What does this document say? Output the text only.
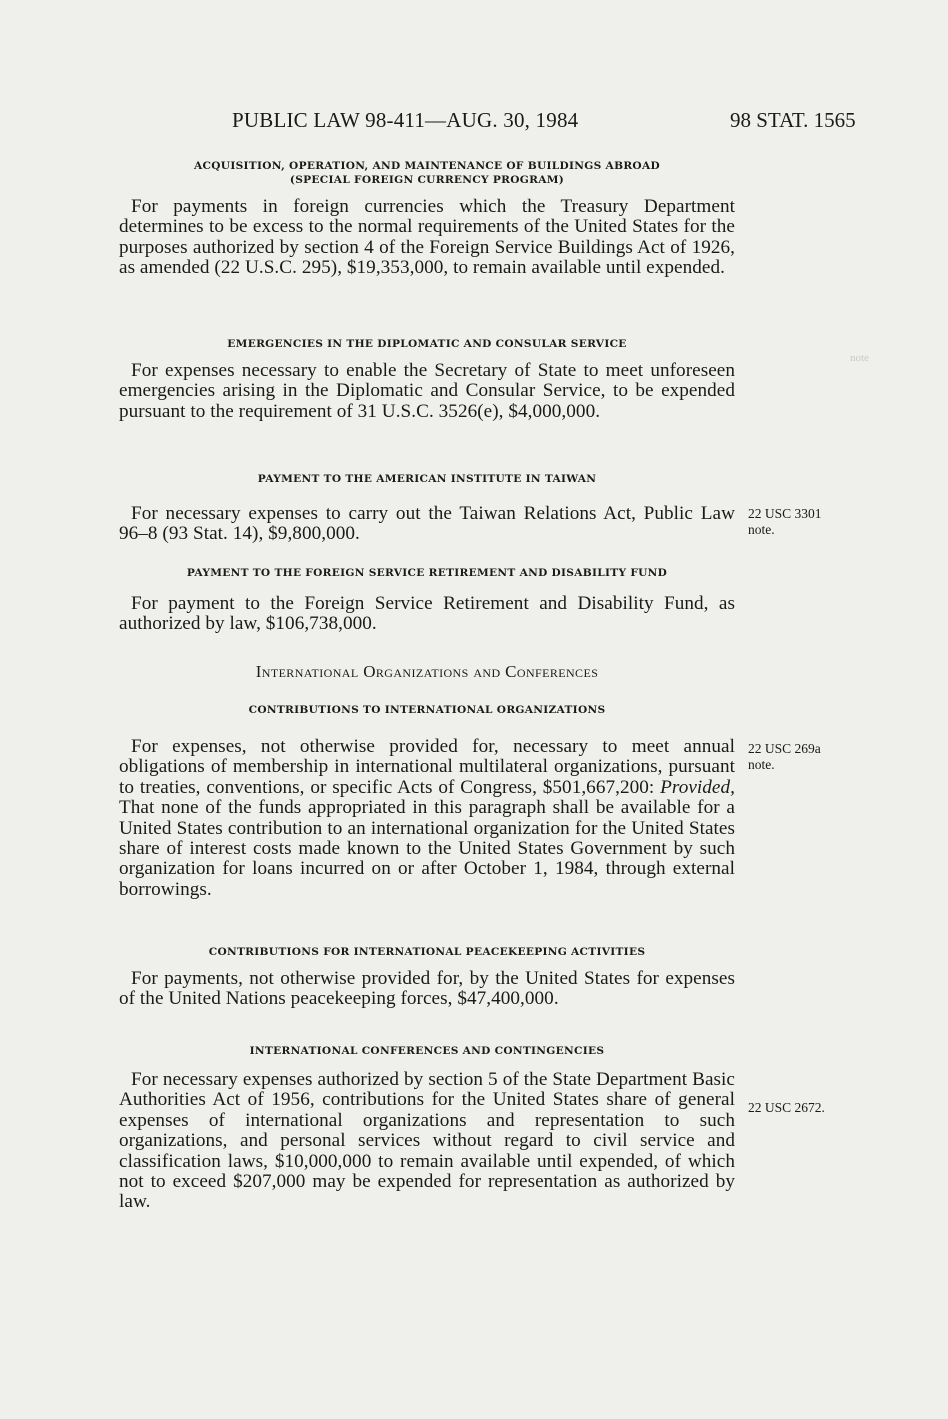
PUBLIC LAW 98-411—AUG. 30, 1984	98 STAT. 1565

ACQUISITION, OPERATION, AND MAINTENANCE OF BUILDINGS ABROAD

(SPECIAL FOREIGN CURRENCY PROGRAM)

For payments in foreign currencies which the Treasury Department determines to be excess to the normal requirements of the United States for the purposes authorized by section 4 of the Foreign Service Buildings Act of 1926, as amended (22 U.S.C. 295), $19,353,000, to remain available until expended.

EMERGENCIES IN THE DIPLOMATIC AND CONSULAR SERVICE

For expenses necessary to enable the Secretary of State to meet unforeseen emergencies arising in the Diplomatic and Consular Service, to be expended pursuant to the requirement of 31 U.S.C. 3526(e), $4,000,000.

PAYMENT TO THE AMERICAN INSTITUTE IN TAIWAN

For necessary expenses to carry out the Taiwan Relations Act, Public Law 96–8 (93 Stat. 14), $9,800,000.

22 USC 3301
note.

PAYMENT TO THE FOREIGN SERVICE RETIREMENT AND DISABILITY FUND

For payment to the Foreign Service Retirement and Disability Fund, as authorized by law, $106,738,000.

International Organizations and Conferences

CONTRIBUTIONS TO INTERNATIONAL ORGANIZATIONS

For expenses, not otherwise provided for, necessary to meet annual obligations of membership in international multilateral organizations, pursuant to treaties, conventions, or specific Acts of Congress, $501,667,200: Provided, That none of the funds appropriated in this paragraph shall be available for a United States contribution to an international organization for the United States share of interest costs made known to the United States Government by such organization for loans incurred on or after October 1, 1984, through external borrowings.

22 USC 269a
note.

CONTRIBUTIONS FOR INTERNATIONAL PEACEKEEPING ACTIVITIES

For payments, not otherwise provided for, by the United States for expenses of the United Nations peacekeeping forces, $47,400,000.

INTERNATIONAL CONFERENCES AND CONTINGENCIES

For necessary expenses authorized by section 5 of the State Department Basic Authorities Act of 1956, contributions for the United States share of general expenses of international organizations and representation to such organizations, and personal services without regard to civil service and classification laws, $10,000,000 to remain available until expended, of which not to exceed $207,000 may be expended for representation as authorized by law.

22 USC 2672.
note
